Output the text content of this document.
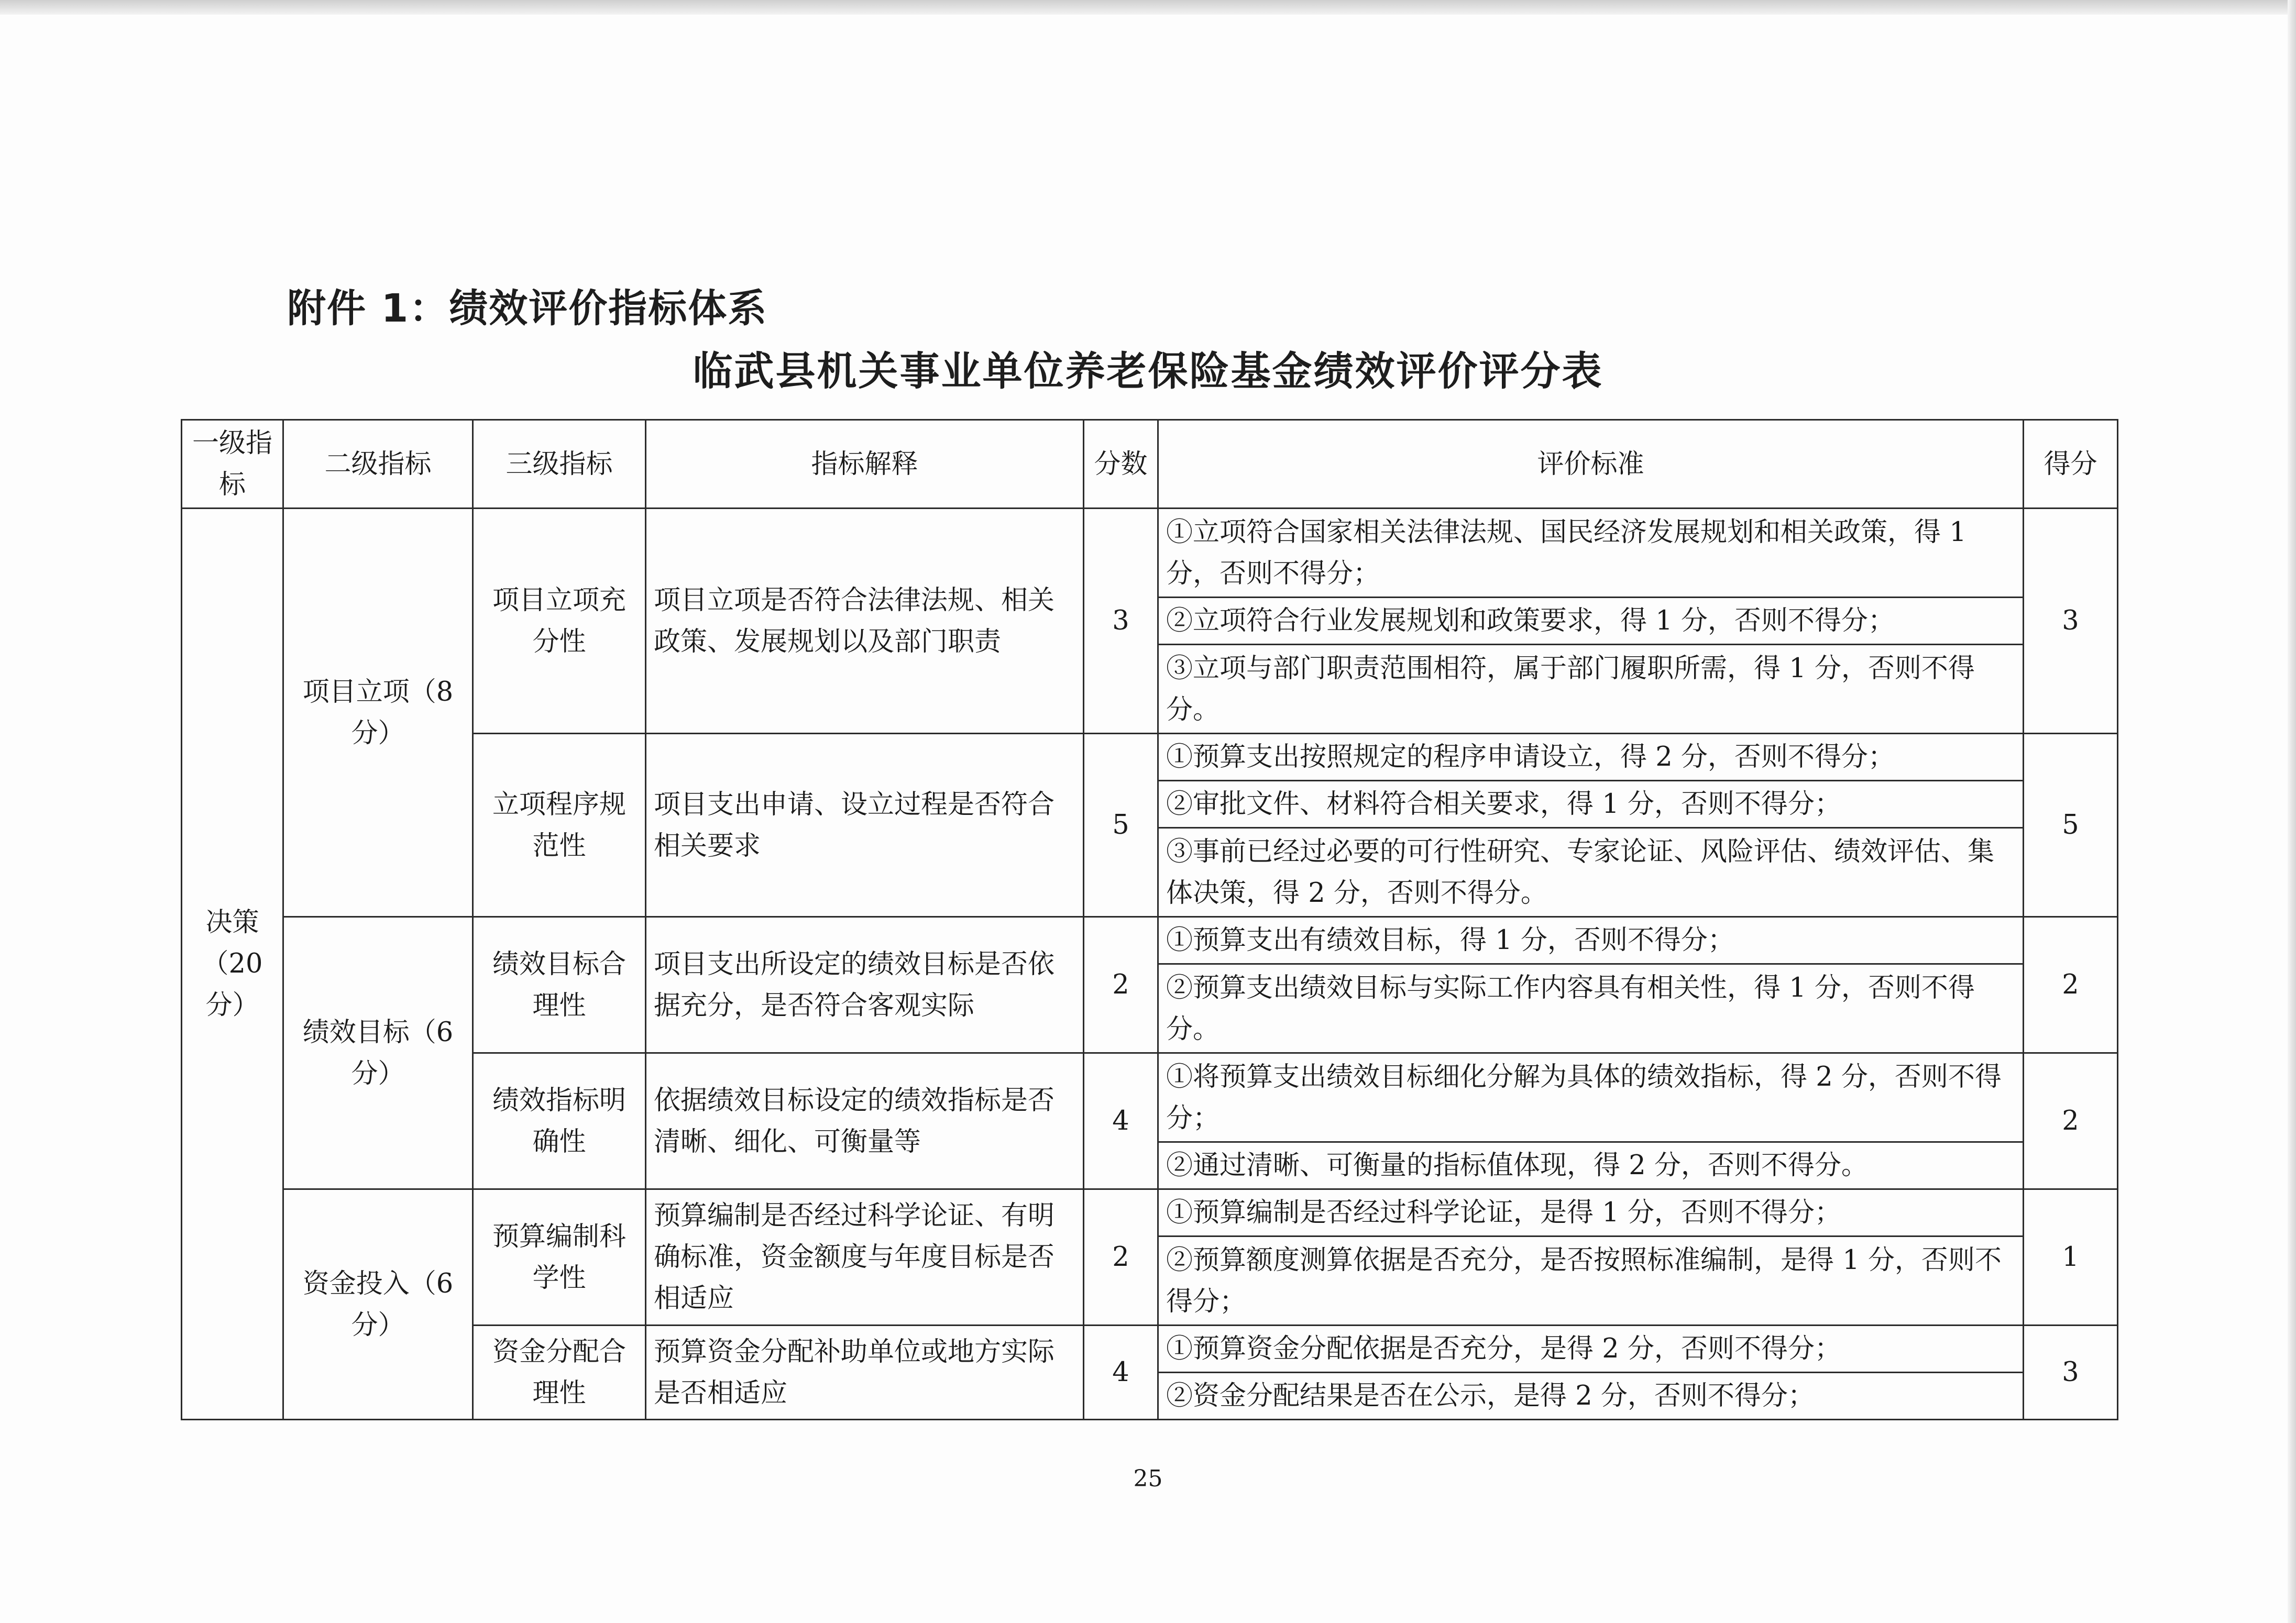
附件 1：绩效评价指标体系
临武县机关事业单位养老保险基金绩效评价评分表
一级指标	二级指标	三级指标	指标解释	分数	评价标准	得分
决策（20 分）	项目立项（8 分）	项目立项充分性	项目立项是否符合法律法规、相关政策、发展规划以及部门职责	3	①立项符合国家相关法律法规、国民经济发展规划和相关政策，得 1 分，否则不得分；	3
					②立项符合行业发展规划和政策要求，得 1 分，否则不得分；	
					③立项与部门职责范围相符，属于部门履职所需，得 1 分，否则不得分。	
		立项程序规范性	项目支出申请、设立过程是否符合相关要求	5	①预算支出按照规定的程序申请设立，得 2 分，否则不得分；	5
					②审批文件、材料符合相关要求，得 1 分，否则不得分；	
					③事前已经过必要的可行性研究、专家论证、风险评估、绩效评估、集体决策，得 2 分，否则不得分。	
	绩效目标（6 分）	绩效目标合理性	项目支出所设定的绩效目标是否依据充分，是否符合客观实际	2	①预算支出有绩效目标，得 1 分，否则不得分；	2
					②预算支出绩效目标与实际工作内容具有相关性，得 1 分，否则不得分。	
		绩效指标明确性	依据绩效目标设定的绩效指标是否清晰、细化、可衡量等	4	①将预算支出绩效目标细化分解为具体的绩效指标，得 2 分，否则不得分；	2
					②通过清晰、可衡量的指标值体现，得 2 分，否则不得分。	
	资金投入（6 分）	预算编制科学性	预算编制是否经过科学论证、有明确标准，资金额度与年度目标是否相适应	2	①预算编制是否经过科学论证，是得 1 分，否则不得分；	1
					②预算额度测算依据是否充分，是否按照标准编制，是得 1 分，否则不得分；	
		资金分配合理性	预算资金分配补助单位或地方实际是否相适应	4	①预算资金分配依据是否充分，是得 2 分，否则不得分；	3
					②资金分配结果是否在公示，是得 2 分，否则不得分；	
25
